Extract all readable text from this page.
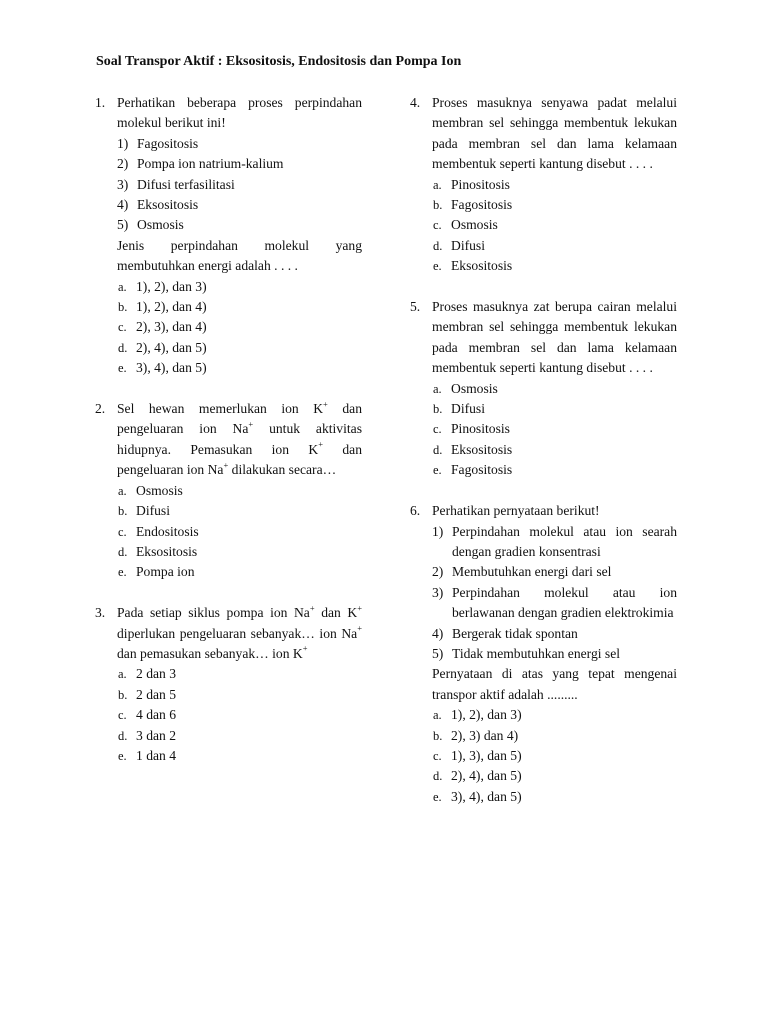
Soal Transpor Aktif : Eksositosis, Endositosis dan Pompa Ion
1. Perhatikan beberapa proses perpindahan molekul berikut ini!
1) Fagositosis
2) Pompa ion natrium-kalium
3) Difusi terfasilitasi
4) Eksositosis
5) Osmosis
Jenis perpindahan molekul yang membutuhkan energi adalah . . . .
a. 1), 2), dan 3)
b. 1), 2), dan 4)
c. 2), 3), dan 4)
d. 2), 4), dan 5)
e. 3), 4), dan 5)
2. Sel hewan memerlukan ion K+ dan pengeluaran ion Na+ untuk aktivitas hidupnya. Pemasukan ion K+ dan pengeluaran ion Na+ dilakukan secara…
a. Osmosis
b. Difusi
c. Endositosis
d. Eksositosis
e. Pompa ion
3. Pada setiap siklus pompa ion Na+ dan K+ diperlukan pengeluaran sebanyak… ion Na+ dan pemasukan sebanyak… ion K+
a. 2 dan 3
b. 2 dan 5
c. 4 dan 6
d. 3 dan 2
e. 1 dan 4
4. Proses masuknya senyawa padat melalui membran sel sehingga membentuk lekukan pada membran sel dan lama kelamaan membentuk seperti kantung disebut . . . .
a. Pinositosis
b. Fagositosis
c. Osmosis
d. Difusi
e. Eksositosis
5. Proses masuknya zat berupa cairan melalui membran sel sehingga membentuk lekukan pada membran sel dan lama kelamaan membentuk seperti kantung disebut . . . .
a. Osmosis
b. Difusi
c. Pinositosis
d. Eksositosis
e. Fagositosis
6. Perhatikan pernyataan berikut!
1) Perpindahan molekul atau ion searah dengan gradien konsentrasi
2) Membutuhkan energi dari sel
3) Perpindahan molekul atau ion berlawanan dengan gradien elektrokimia
4) Bergerak tidak spontan
5) Tidak membutuhkan energi sel
Pernyataan di atas yang tepat mengenai transpor aktif adalah .........
a. 1), 2), dan 3)
b. 2), 3) dan 4)
c. 1), 3), dan 5)
d. 2), 4), dan 5)
e. 3), 4), dan 5)
